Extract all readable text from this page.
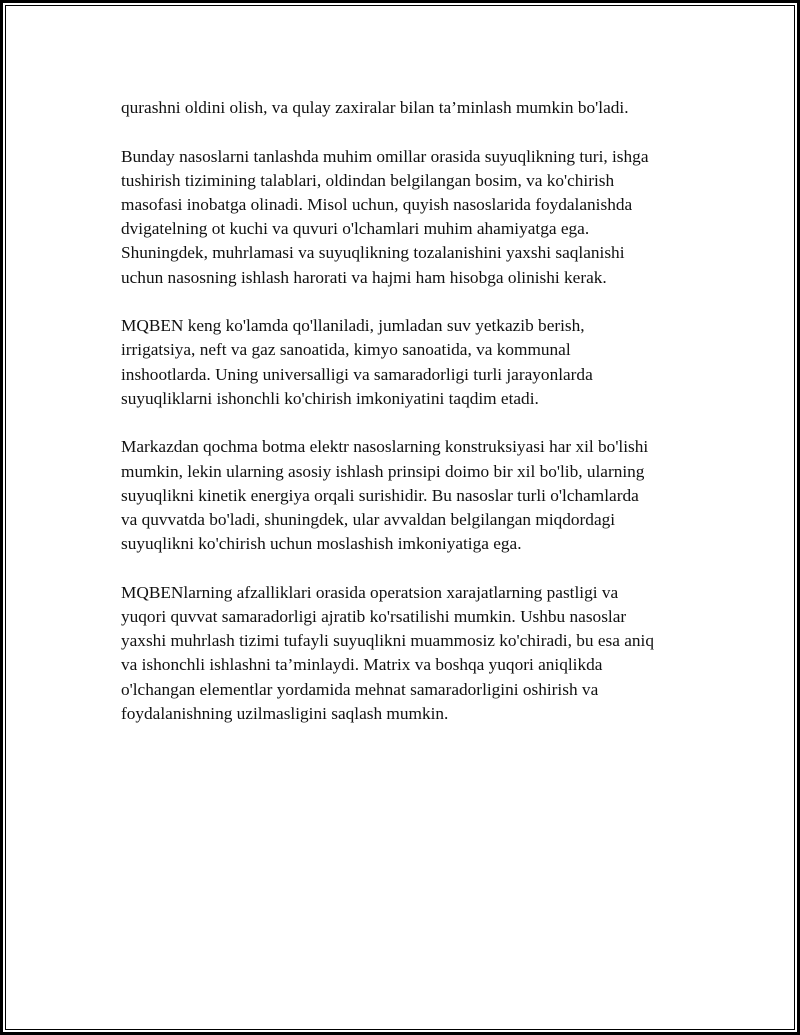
qurashni oldini olish, va qulay zaxiralar bilan ta’minlash mumkin bo'ladi.

Bunday nasoslarni tanlashda muhim omillar orasida suyuqlikning turi, ishga
tushirish tizimining talablari, oldindan belgilangan bosim, va ko'chirish
masofasi inobatga olinadi. Misol uchun, quyish nasoslarida foydalanishda
dvigatelning ot kuchi va quvuri o'lchamlari muhim ahamiyatga ega.
Shuningdek, muhrlamasi va suyuqlikning tozalanishini yaxshi saqlanishi
uchun nasosning ishlash harorati va hajmi ham hisobga olinishi kerak.

MQBEN keng ko'lamda qo'llaniladi, jumladan suv yetkazib berish,
irrigatsiya, neft va gaz sanoatida, kimyo sanoatida, va kommunal
inshootlarda. Uning universalligi va samaradorligi turli jarayonlarda
suyuqliklarni ishonchli ko'chirish imkoniyatini taqdim etadi.

Markazdan qochma botma elektr nasoslarning konstruksiyasi har xil bo'lishi
mumkin, lekin ularning asosiy ishlash prinsipi doimo bir xil bo'lib, ularning
suyuqlikni kinetik energiya orqali surishidir. Bu nasoslar turli o'lchamlarda
va quvvatda bo'ladi, shuningdek, ular avvaldan belgilangan miqdordagi
suyuqlikni ko'chirish uchun moslashish imkoniyatiga ega.

MQBENlarning afzalliklari orasida operatsion xarajatlarning pastligi va
yuqori quvvat samaradorligi ajratib ko'rsatilishi mumkin. Ushbu nasoslar
yaxshi muhrlash tizimi tufayli suyuqlikni muammosiz ko'chiradi, bu esa aniq
va ishonchli ishlashni ta’minlaydi. Matrix va boshqa yuqori aniqlikda
o'lchangan elementlar yordamida mehnat samaradorligini oshirish va
foydalanishning uzilmasligini saqlash mumkin.
